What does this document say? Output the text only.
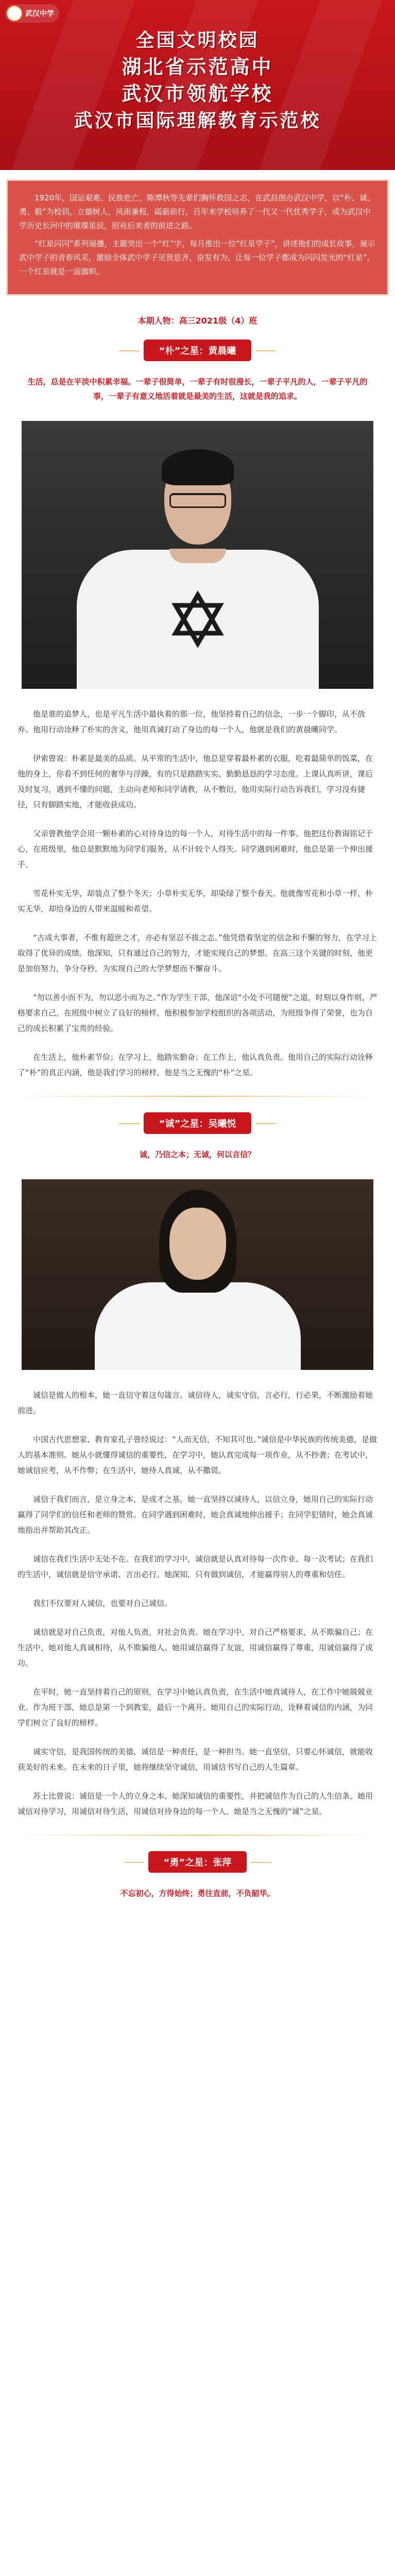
武汉中学
全国文明校园
湖北省示范高中
武汉市领航学校
武汉市国际理解教育示范校

1920年，国运艰难、民族危亡，陈潭秋等先辈们胸怀救国之志，在武昌创办武汉中学，以“朴、诚、勇、毅”为校训，立德树人，风雨兼程，砥砺前行，百年来学校培养了一代又一代优秀学子，成为武汉中学历史长河中的璀璨星辰，照亮后来者的前进之路。

“红星闪闪”系列展播，主题突出一个“红”字，每月推出一位“红星学子”，讲述他们的成长故事，展示武中学子的青春风采，激励全体武中学子见贤思齐、奋发有为，让每一位学子都成为闪闪发光的“红星”，一个红星就是一面旗帜。

本期人物：高三2021级（4）班
“朴”之星：黄晨曦
生活，总是在平淡中积累幸福。一辈子很简单，一辈子有时很漫长，一辈子平凡的人，一辈子平凡的事，一辈子有意义地活着就是最美的生活，这就是我的追求。

他是谁的追梦人，也是平凡生活中最执着的那一位，他坚持着自己的信念，一步一个脚印，从不放弃。他用行动诠释了朴实的含义，他用真诚打动了身边的每一个人，他就是我们的黄晨曦同学。

伊索曾说：朴素是最美的品质。从平常的生活中，他总是穿着最朴素的衣服，吃着最简单的饭菜，在他的身上，你看不到任何的奢华与浮躁，有的只是踏踏实实、勤勤恳恳的学习态度。上课认真听讲，课后及时复习，遇到不懂的问题，主动向老师和同学请教，从不敷衍，他用实际行动告诉我们，学习没有捷径，只有脚踏实地，才能收获成功。

父亲曾教他学会用一颗朴素的心对待身边的每一个人，对待生活中的每一件事。他把这份教诲铭记于心，在班级里，他总是默默地为同学们服务，从不计较个人得失。同学遇到困难时，他总是第一个伸出援手。

雪花朴实无华，却装点了整个冬天；小草朴实无华，却染绿了整个春天。他就像雪花和小草一样，朴实无华，却给身边的人带来温暖和希望。

“古成大事者，不惟有超世之才，亦必有坚忍不拔之志。”他凭借着坚定的信念和不懈的努力，在学习上取得了优异的成绩。他深知，只有通过自己的努力，才能实现自己的梦想。在高三这个关键的时刻，他更是加倍努力，争分夺秒，为实现自己的大学梦想而不懈奋斗。

“勿以善小而不为，勿以恶小而为之。”作为学生干部，他深谙“小处不可随便”之道，时刻以身作则，严格要求自己，在班级中树立了良好的榜样。他积极参加学校组织的各项活动，为班级争得了荣誉，也为自己的成长积累了宝贵的经验。

在生活上，他朴素节俭；在学习上，他踏实勤奋；在工作上，他认真负责。他用自己的实际行动诠释了“朴”的真正内涵，他是我们学习的榜样，他是当之无愧的“朴”之星。

“诚”之星：吴曦悦
诚，乃信之本；无诚，何以言信？

诚信是做人的根本，她一直信守着这句箴言。诚信待人，诚实守信，言必行，行必果，不断激励着她前进。

中国古代思想家、教育家孔子曾经说过：“人而无信，不知其可也。”诚信是中华民族的传统美德，是做人的基本准则。她从小就懂得诚信的重要性，在学习中，她认真完成每一项作业，从不抄袭；在考试中，她诚信应考，从不作弊；在生活中，她待人真诚，从不撒谎。

诚信于我们而言，是立身之本，是成才之基。她一直坚持以诚待人，以信立身，她用自己的实际行动赢得了同学们的信任和老师的赞赏。在同学遇到困难时，她会真诚地伸出援手；在同学犯错时，她会真诚地指出并帮助其改正。

诚信在我们生活中无处不在。在我们的学习中，诚信就是认真对待每一次作业、每一次考试；在我们的生活中，诚信就是信守承诺、言出必行。她深知，只有做到诚信，才能赢得别人的尊重和信任。

我们不仅要对人诚信，也要对自己诚信。

诚信就是对自己负责，对他人负责，对社会负责。她在学习中，对自己严格要求，从不欺骗自己；在生活中，她对他人真诚相待，从不欺骗他人。她用诚信赢得了友谊，用诚信赢得了尊重，用诚信赢得了成功。

在平时，她一直坚持着自己的原则，在学习中她认真负责，在生活中她真诚待人，在工作中她兢兢业业。作为班干部，她总是第一个到教室，最后一个离开。她用自己的实际行动，诠释着诚信的内涵，为同学们树立了良好的榜样。

诚实守信，是我国传统的美德，诚信是一种责任，是一种担当。她一直坚信，只要心怀诚信，就能收获美好的未来。在未来的日子里，她将继续坚守诚信，用诚信书写自己的人生篇章。

苏士比曾说：诚信是一个人的立身之本。她深知诚信的重要性，并把诚信作为自己的人生信条。她用诚信对待学习，用诚信对待生活，用诚信对待身边的每一个人。她是当之无愧的“诚”之星。

“勇”之星：张萍
不忘初心，方得始终；勇往直前，不负韶华。
